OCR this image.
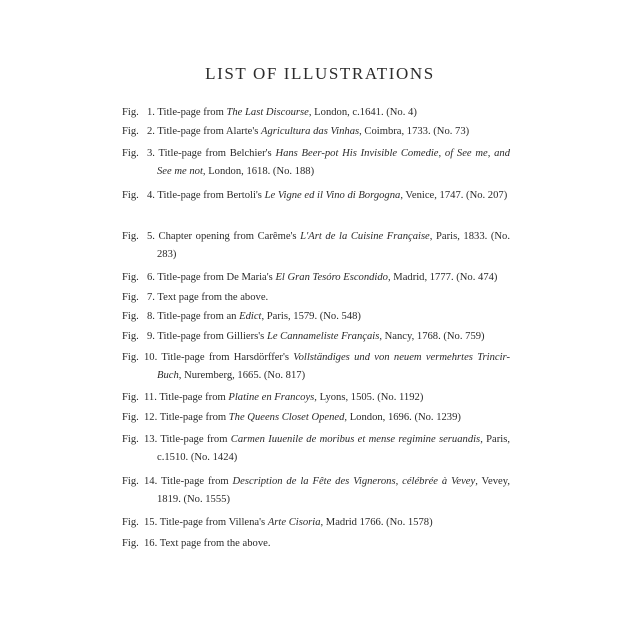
LIST OF ILLUSTRATIONS
Fig. 1. Title-page from The Last Discourse, London, c.1641. (No. 4)
Fig. 2. Title-page from Alarte's Agricultura das Vinhas, Coimbra, 1733. (No. 73)
Fig. 3. Title-page from Belchier's Hans Beer-pot His Invisible Comedie, of See me, and See me not, London, 1618. (No. 188)
Fig. 4. Title-page from Bertoli's Le Vigne ed il Vino di Borgogna, Venice, 1747. (No. 207)
Fig. 5. Chapter opening from Carême's L'Art de la Cuisine Française, Paris, 1833. (No. 283)
Fig. 6. Title-page from De Maria's El Gran Tesóro Escondido, Madrid, 1777. (No. 474)
Fig. 7. Text page from the above.
Fig. 8. Title-page from an Edict, Paris, 1579. (No. 548)
Fig. 9. Title-page from Gilliers's Le Cannameliste Français, Nancy, 1768. (No. 759)
Fig. 10. Title-page from Harsdörffer's Vollständiges und von neuem vermehrtes Trincir-Buch, Nuremberg, 1665. (No. 817)
Fig. 11. Title-page from Platine en Francoys, Lyons, 1505. (No. 1192)
Fig. 12. Title-page from The Queens Closet Opened, London, 1696. (No. 1239)
Fig. 13. Title-page from Carmen Iuuenile de moribus et mense regimine seruandis, Paris, c.1510. (No. 1424)
Fig. 14. Title-page from Description de la Fête des Vignerons, célébrée à Vevey, Vevey, 1819. (No. 1555)
Fig. 15. Title-page from Villena's Arte Cisoria, Madrid 1766. (No. 1578)
Fig. 16. Text page from the above.
